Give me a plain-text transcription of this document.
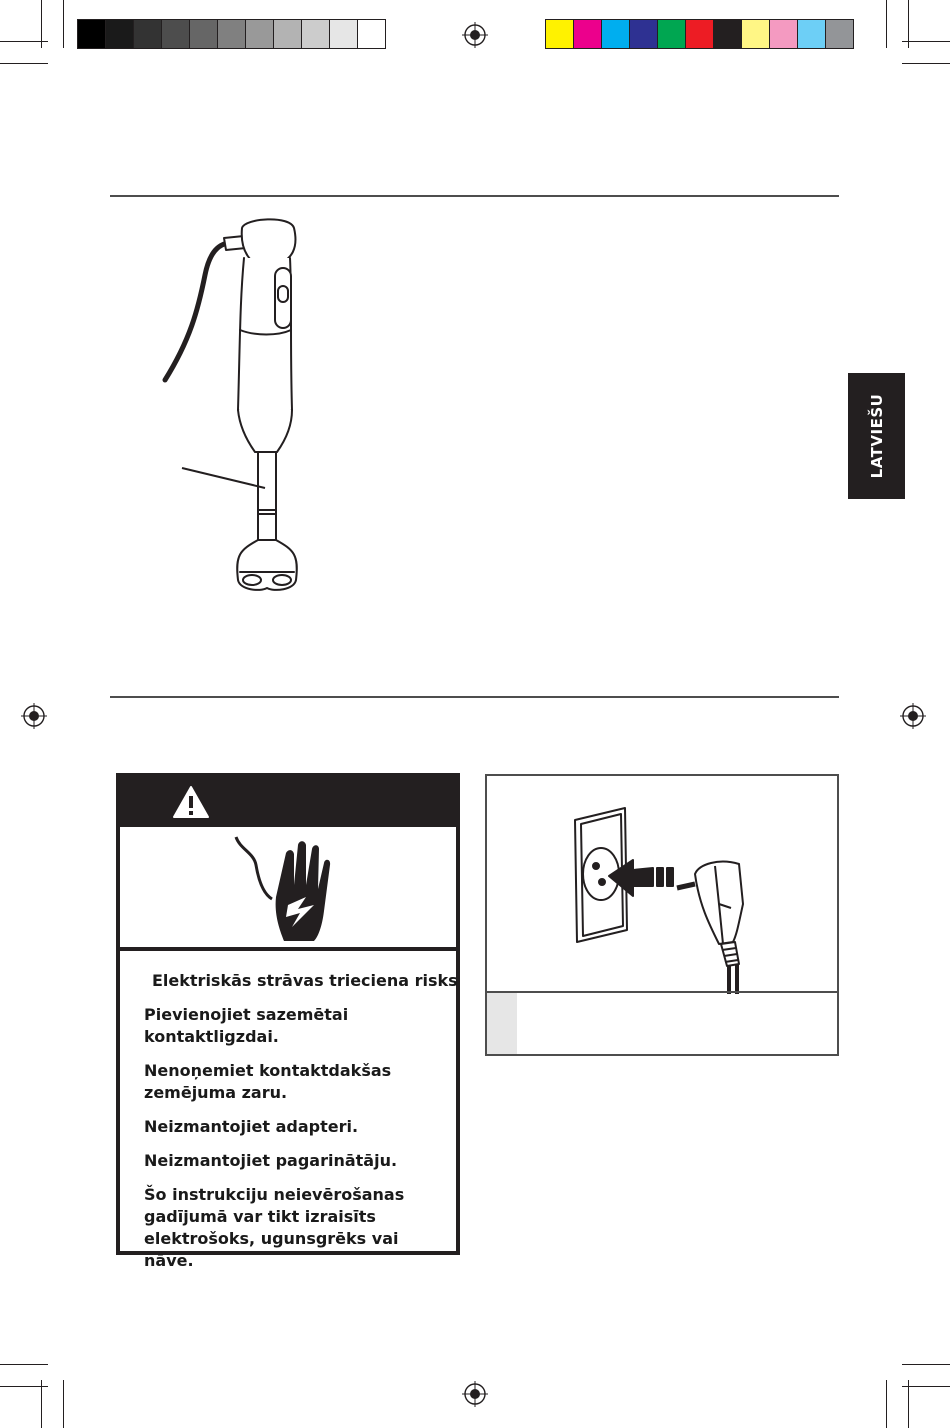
LATVIEŠU

Elektriskās strāvas trieciena risks

Pievienojiet sazemētai kontaktligzdai.

Nenoņemiet kontaktdakšas zemējuma zaru.

Neizmantojiet adapteri.

Neizmantojiet pagarinātāju.

Šo instrukciju neievērošanas gadījumā var tikt izraisīts elektrošoks, ugunsgrēks vai nāve.
